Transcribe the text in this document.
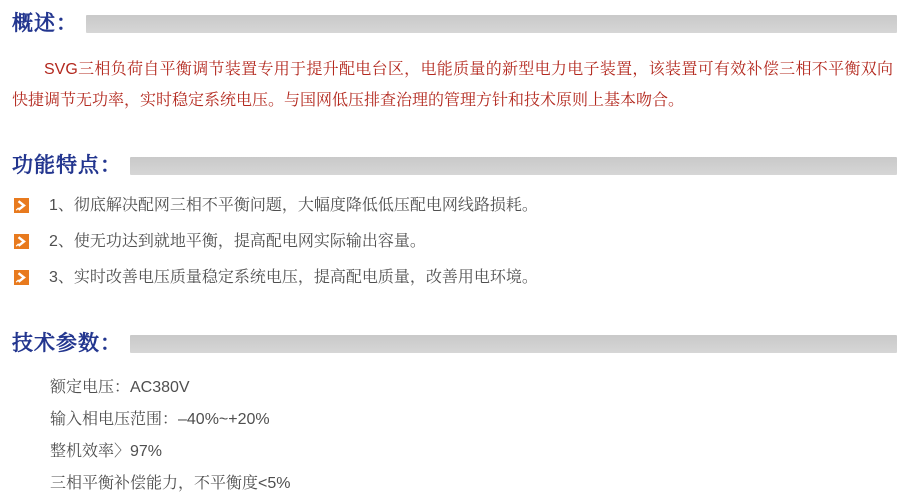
概述：

SVG三相负荷自平衡调节装置专用于提升配电台区，电能质量的新型电力电子装置，该装置可有效补偿三相不平衡双向快捷调节无功率，实时稳定系统电压。与国网低压排查治理的管理方针和技术原则上基本吻合。

功能特点：
1、彻底解决配网三相不平衡问题，大幅度降低低压配电网线路损耗。
2、使无功达到就地平衡，提高配电网实际输出容量。
3、实时改善电压质量稳定系统电压，提高配电质量，改善用电环境。
技术参数：
额定电压：AC380V
输入相电压范围：–40%~+20%
整机效率〉97%
三相平衡补偿能力，不平衡度<5%
